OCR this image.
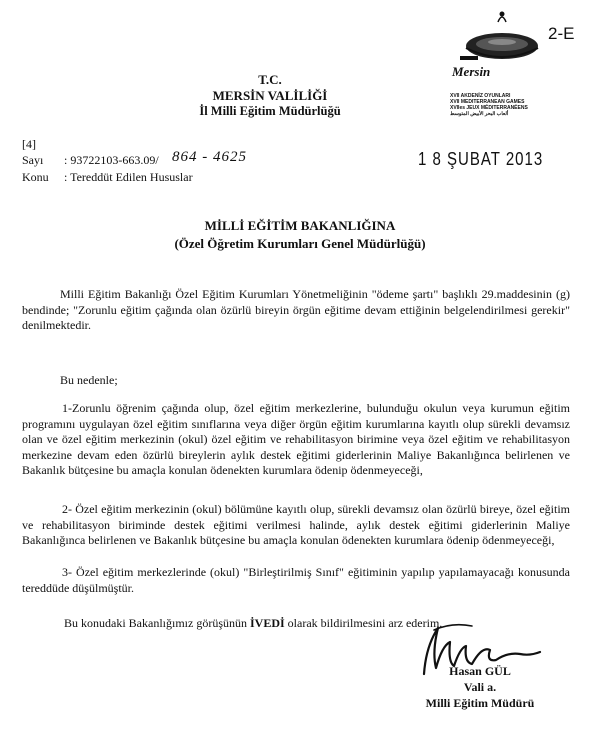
T.C.
MERSİN VALİLİĞİ
İl Milli Eğitim Müdürlüğü
Mersin
XVII AKDENİZ OYUNLARI
XVII MEDITERRANEAN GAMES
XVIIes JEUX MÉDITERRANÉENS
ألعاب البحر الأبيض المتوسط
2-E
[4]
Sayı : 93722103-663.09/ 864 - 4625	1 8 ŞUBAT 2013
Konu : Tereddüt Edilen Hususlar
MİLLİ EĞİTİM BAKANLIĞINA
(Özel Öğretim Kurumları Genel Müdürlüğü)
Milli Eğitim Bakanlığı Özel Eğitim Kurumları Yönetmeliğinin "ödeme şartı" başlıklı 29.maddesinin (g) bendinde; "Zorunlu eğitim çağında olan özürlü bireyin örgün eğitime devam ettiğinin belgelendirilmesi gerekir" denilmektedir.
Bu nedenle;
1-Zorunlu öğrenim çağında olup, özel eğitim merkezlerine, bulunduğu okulun veya kurumun eğitim programını uygulayan özel eğitim sınıflarına veya diğer örgün eğitim kurumlarına kayıtlı olup sürekli devamsız olan ve özel eğitim merkezinin (okul) özel eğitim ve rehabilitasyon birimine veya özel eğitim ve rehabilitasyon merkezine devam eden özürlü bireylerin aylık destek eğitimi giderlerinin Maliye Bakanlığınca belirlenen ve Bakanlık bütçesine bu amaçla konulan ödenekten kurumlara ödenip ödenmeyeceği,
2- Özel eğitim merkezinin (okul) bölümüne kayıtlı olup, sürekli devamsız olan özürlü bireye, özel eğitim ve rehabilitasyon biriminde destek eğitimi verilmesi halinde, aylık destek eğitimi giderlerinin Maliye Bakanlığınca belirlenen ve Bakanlık bütçesine bu amaçla konulan ödenekten kurumlara ödenip ödenmeyeceği,
3- Özel eğitim merkezlerinde (okul) "Birleştirilmiş Sınıf" eğitiminin yapılıp yapılamayacağı konusunda tereddüde düşülmüştür.
Bu konudaki Bakanlığımız görüşünün İVEDİ olarak bildirilmesini arz ederim.
Hasan GÜL
Vali a.
Milli Eğitim Müdürü
